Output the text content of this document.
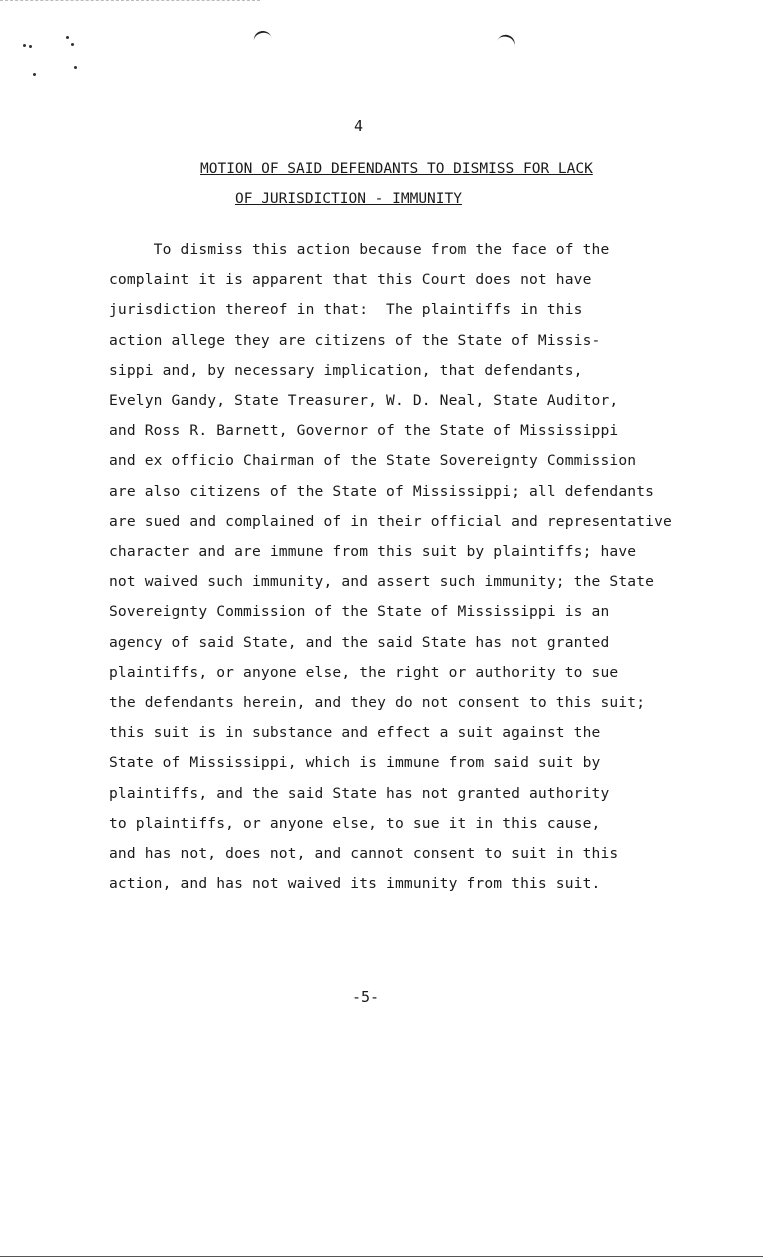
4
MOTION OF SAID DEFENDANTS TO DISMISS FOR LACK
OF JURISDICTION - IMMUNITY
To dismiss this action because from the face of the
complaint it is apparent that this Court does not have
jurisdiction thereof in that:  The plaintiffs in this
action allege they are citizens of the State of Missis-
sippi and, by necessary implication, that defendants,
Evelyn Gandy, State Treasurer, W. D. Neal, State Auditor,
and Ross R. Barnett, Governor of the State of Mississippi
and ex officio Chairman of the State Sovereignty Commission
are also citizens of the State of Mississippi; all defendants
are sued and complained of in their official and representative
character and are immune from this suit by plaintiffs; have
not waived such immunity, and assert such immunity; the State
Sovereignty Commission of the State of Mississippi is an
agency of said State, and the said State has not granted
plaintiffs, or anyone else, the right or authority to sue
the defendants herein, and they do not consent to this suit;
this suit is in substance and effect a suit against the
State of Mississippi, which is immune from said suit by
plaintiffs, and the said State has not granted authority
to plaintiffs, or anyone else, to sue it in this cause,
and has not, does not, and cannot consent to suit in this
action, and has not waived its immunity from this suit.
-5-
